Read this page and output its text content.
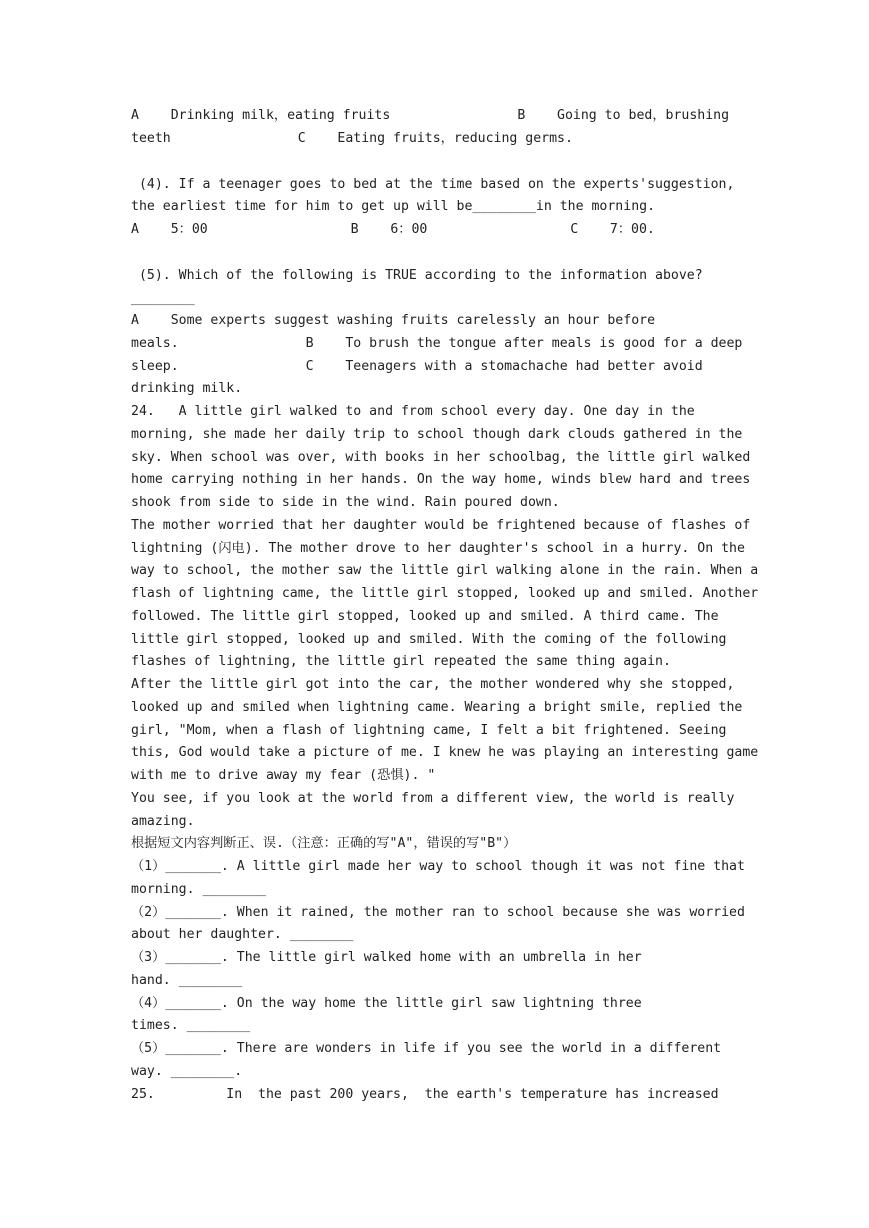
A    Drinking milk，eating fruits                B    Going to bed，brushing
teeth                C    Eating fruits，reducing germs.
(4). If a teenager goes to bed at the time based on the experts'suggestion,
the earliest time for him to get up will be________in the morning.
A    5：00                  B    6：00                  C    7：00.
(5). Which of the following is TRUE according to the information above?
________
A    Some experts suggest washing fruits carelessly an hour before
meals.                B    To brush the tongue after meals is good for a deep
sleep.                C    Teenagers with a stomachache had better avoid
drinking milk.
24.   A little girl walked to and from school every day. One day in the
morning, she made her daily trip to school though dark clouds gathered in the
sky. When school was over, with books in her schoolbag, the little girl walked
home carrying nothing in her hands. On the way home, winds blew hard and trees
shook from side to side in the wind. Rain poured down.
The mother worried that her daughter would be frightened because of flashes of
lightning (闪电). The mother drove to her daughter's school in a hurry. On the
way to school, the mother saw the little girl walking alone in the rain. When a
flash of lightning came, the little girl stopped, looked up and smiled. Another
followed. The little girl stopped, looked up and smiled. A third came. The
little girl stopped, looked up and smiled. With the coming of the following
flashes of lightning, the little girl repeated the same thing again.
After the little girl got into the car, the mother wondered why she stopped,
looked up and smiled when lightning came. Wearing a bright smile, replied the
girl, "Mom, when a flash of lightning came, I felt a bit frightened. Seeing
this, God would take a picture of me. I knew he was playing an interesting game
with me to drive away my fear (恐惧). "
You see, if you look at the world from a different view, the world is really
amazing.
根据短文内容判断正、误.（注意：正确的写"A"，错误的写"B"）
（1）_______. A little girl made her way to school though it was not fine that
morning. ________
（2）_______. When it rained, the mother ran to school because she was worried
about her daughter. ________
（3）_______. The little girl walked home with an umbrella in her
hand. ________
（4）_______. On the way home the little girl saw lightning three
times. ________
（5）_______. There are wonders in life if you see the world in a different
way. ________.
25.         In  the past 200 years,  the earth's temperature has increased
